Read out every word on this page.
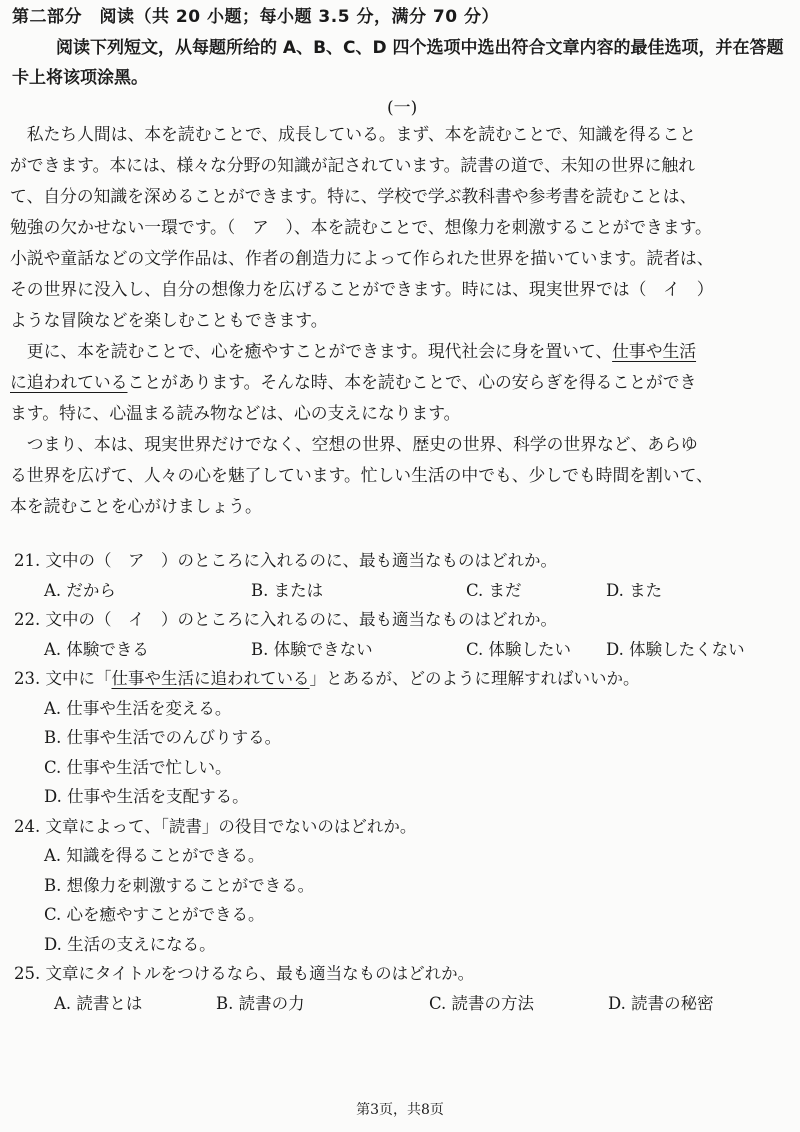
第二部分　阅读（共 20 小题；每小题 3.5 分，满分 70 分）
阅读下列短文，从每题所给的 A、B、C、D 四个选项中选出符合文章内容的最佳选项，并在答题卡上将该项涂黑。
(一)

　私たち人間は、本を読むことで、成長している。まず、本を読むことで、知識を得ること
ができます。本には、様々な分野の知識が記されています。読書の道で、未知の世界に触れ
て、自分の知識を深めることができます。特に、学校で学ぶ教科書や参考書を読むことは、
勉強の欠かせない一環です。（　ア　）、本を読むことで、想像力を刺激することができます。
小説や童話などの文学作品は、作者の創造力によって作られた世界を描いています。読者は、
その世界に没入し、自分の想像力を広げることができます。時には、現実世界では（　イ　）
ような冒険などを楽しむこともできます。

　更に、本を読むことで、心を癒やすことができます。現代社会に身を置いて、仕事や生活
に追われていることがあります。そんな時、本を読むことで、心の安らぎを得ることができ
ます。特に、心温まる読み物などは、心の支えになります。

　つまり、本は、現実世界だけでなく、空想の世界、歴史の世界、科学の世界など、あらゆ
る世界を広げて、人々の心を魅了しています。忙しい生活の中でも、少しでも時間を割いて、
本を読むことを心がけましょう。

21. 文中の（　ア　）のところに入れるのに、最も適当なものはどれか。
A. だから	B. または	C. まだ	D. また
22. 文中の（　イ　）のところに入れるのに、最も適当なものはどれか。
A. 体験できる	B. 体験できない	C. 体験したい D. 体験したくない
23. 文中に「仕事や生活に追われている」とあるが、どのように理解すればいいか。
A. 仕事や生活を変える。
B. 仕事や生活でのんびりする。
C. 仕事や生活で忙しい。
D. 仕事や生活を支配する。
24. 文章によって、「読書」の役目でないのはどれか。
A. 知識を得ることができる。
B. 想像力を刺激することができる。
C. 心を癒やすことができる。
D. 生活の支えになる。
25. 文章にタイトルをつけるなら、最も適当なものはどれか。
A. 読書とは	B. 読書の力	C. 読書の方法	D. 読書の秘密
第3页，共8页
